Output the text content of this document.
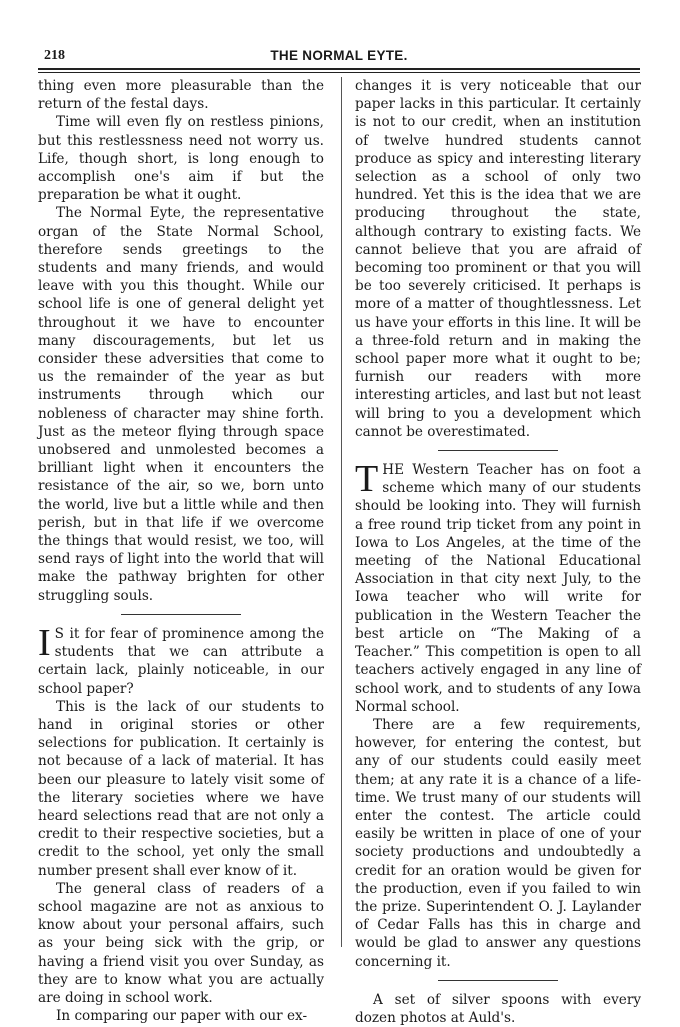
218	THE NORMAL EYTE.

thing even more pleasurable than the return of the festal days.

Time will even fly on restless pinions, but this restlessness need not worry us. Life, though short, is long enough to accomplish one's aim if but the preparation be what it ought.

The Normal Eyte, the representative organ of the State Normal School, therefore sends greetings to the students and many friends, and would leave with you this thought. While our school life is one of general delight yet throughout it we have to encounter many discouragements, but let us consider these adversities that come to us the remainder of the year as but instruments through which our nobleness of character may shine forth. Just as the meteor flying through space unobsered and unmolested becomes a brilliant light when it encounters the resistance of the air, so we, born unto the world, live but a little while and then perish, but in that life if we overcome the things that would resist, we too, will send rays of light into the world that will make the pathway brighten for other struggling souls.

I S it for fear of prominence among the students that we can attribute a certain lack, plainly noticeable, in our school paper?

This is the lack of our students to hand in original stories or other selections for publication. It certainly is not because of a lack of material. It has been our pleasure to lately visit some of the literary societies where we have heard selections read that are not only a credit to their respective societies, but a credit to the school, yet only the small number present shall ever know of it.

The general class of readers of a school magazine are not as anxious to know about your personal affairs, such as your being sick with the grip, or having a friend visit you over Sunday, as they are to know what you are actually are doing in school work.

In comparing our paper with our ex-

changes it is very noticeable that our paper lacks in this particular. It certainly is not to our credit, when an institution of twelve hundred students cannot produce as spicy and interesting literary selection as a school of only two hundred. Yet this is the idea that we are producing throughout the state, although contrary to existing facts. We cannot believe that you are afraid of becoming too prominent or that you will be too severely criticised. It perhaps is more of a matter of thoughtlessness. Let us have your efforts in this line. It will be a three-fold return and in making the school paper more what it ought to be; furnish our readers with more interesting articles, and last but not least will bring to you a development which cannot be overestimated.

THE Western Teacher has on foot a scheme which many of our students should be looking into. They will furnish a free round trip ticket from any point in Iowa to Los Angeles, at the time of the meeting of the National Educational Association in that city next July, to the Iowa teacher who will write for publication in the Western Teacher the best article on “The Making of a Teacher.” This competition is open to all teachers actively engaged in any line of school work, and to students of any Iowa Normal school.

There are a few requirements, however, for entering the contest, but any of our students could easily meet them; at any rate it is a chance of a life-time. We trust many of our students will enter the contest. The article could easily be written in place of one of your society productions and undoubtedly a credit for an oration would be given for the production, even if you failed to win the prize. Superintendent O. J. Laylander of Cedar Falls has this in charge and would be glad to answer any questions concerning it.

A set of silver spoons with every dozen photos at Auld's.
